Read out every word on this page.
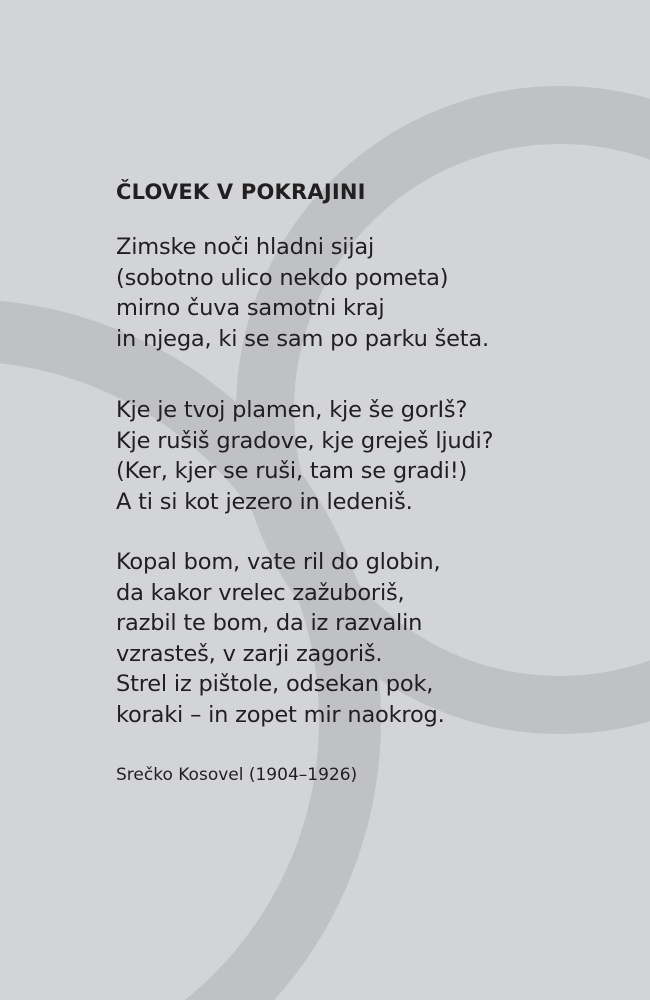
ČLOVEK V POKRAJINI
Zimske noči hladni sijaj
(sobotno ulico nekdo pometa)
mirno čuva samotni kraj
in njega, ki se sam po parku šeta.
Kje je tvoj plamen, kje še gorIš?
Kje rušiš gradove, kje greješ ljudi?
(Ker, kjer se ruši, tam se gradi!)
A ti si kot jezero in ledeniš.
Kopal bom, vate ril do globin,
da kakor vrelec zažuboriš,
razbil te bom, da iz razvalin
vzrasteš, v zarji zagoriš.
Strel iz pištole, odsekan pok,
koraki – in zopet mir naokrog.
Srečko Kosovel (1904–1926)
